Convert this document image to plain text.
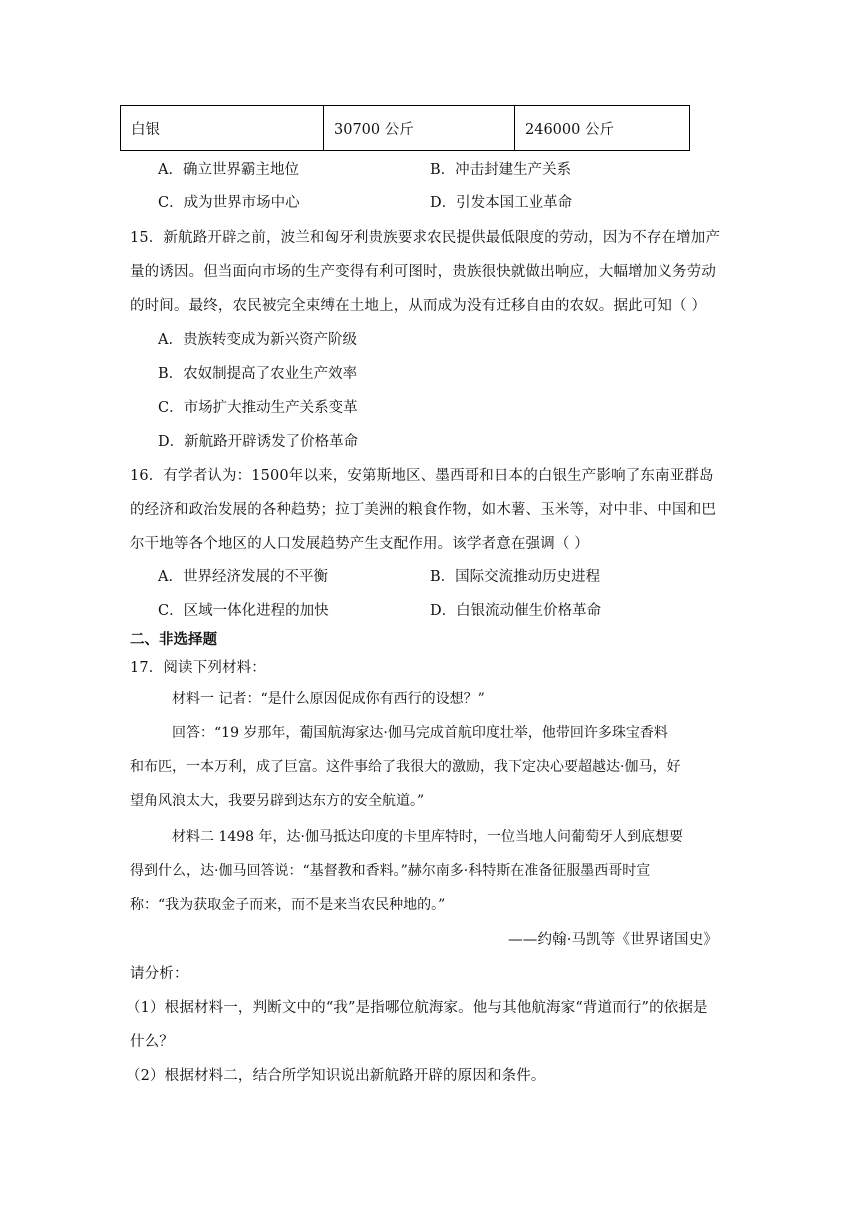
白银	30700 公斤	246000 公斤
A．确立世界霸主地位	B．冲击封建生产关系
C．成为世界市场中心	D．引发本国工业革命
15．新航路开辟之前，波兰和匈牙利贵族要求农民提供最低限度的劳动，因为不存在增加产
量的诱因。但当面向市场的生产变得有利可图时，贵族很快就做出响应，大幅增加义务劳动
的时间。最终，农民被完全束缚在土地上，从而成为没有迁移自由的农奴。据此可知（ ）
A．贵族转变成为新兴资产阶级
B．农奴制提高了农业生产效率
C．市场扩大推动生产关系变革
D．新航路开辟诱发了价格革命
16．有学者认为：1500年以来，安第斯地区、墨西哥和日本的白银生产影响了东南亚群岛
的经济和政治发展的各种趋势；拉丁美洲的粮食作物，如木薯、玉米等，对中非、中国和巴
尔干地等各个地区的人口发展趋势产生支配作用。该学者意在强调（ ）
A．世界经济发展的不平衡	B．国际交流推动历史进程
C．区域一体化进程的加快	D．白银流动催生价格革命
二、非选择题
17．阅读下列材料：
材料一 记者：“是什么原因促成你有西行的设想？”
回答：“19 岁那年，葡国航海家达·伽马完成首航印度壮举，他带回许多珠宝香料
和布匹，一本万利，成了巨富。这件事给了我很大的激励，我下定决心要超越达·伽马，好
望角风浪太大，我要另辟到达东方的安全航道。”
材料二 1498 年，达·伽马抵达印度的卡里库特时，一位当地人问葡萄牙人到底想要
得到什么，达·伽马回答说：“基督教和香料。”赫尔南多·科特斯在准备征服墨西哥时宣
称：“我为获取金子而来，而不是来当农民种地的。”
——约翰·马凯等《世界诸国史》
请分析：
（1）根据材料一，判断文中的“我”是指哪位航海家。他与其他航海家“背道而行”的依据是
什么？
（2）根据材料二，结合所学知识说出新航路开辟的原因和条件。
